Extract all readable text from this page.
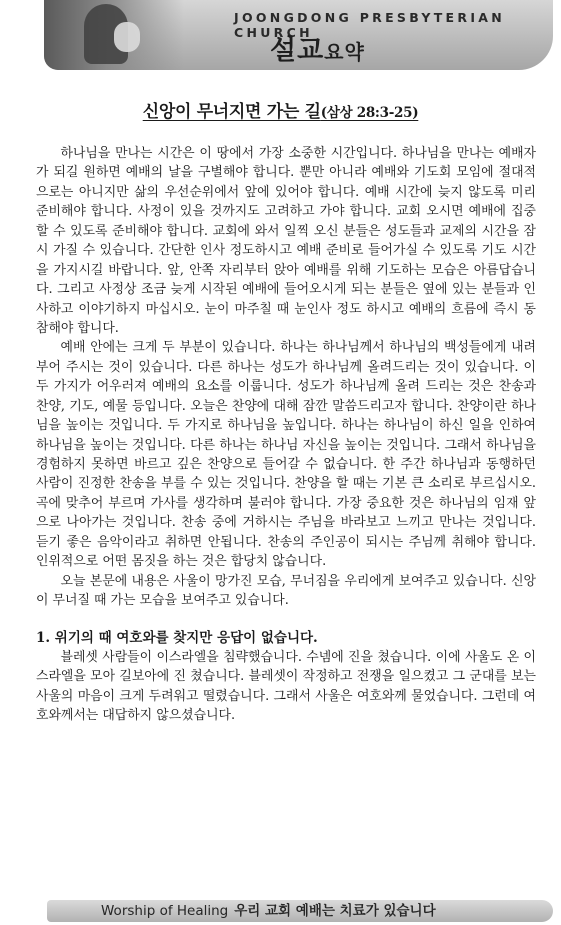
JOONGDONG PRESBYTERIAN CHURCH
설교요약
신앙이 무너지면 가는 길(삼상 28:3-25)

하나님을 만나는 시간은 이 땅에서 가장 소중한 시간입니다. 하나님을 만나는 예배자가 되길 원하면 예배의 날을 구별해야 합니다. 뿐만 아니라 예배와 기도회 모임에 절대적으로는 아니지만 삶의 우선순위에서 앞에 있어야 합니다. 예배 시간에 늦지 않도록 미리 준비해야 합니다. 사정이 있을 것까지도 고려하고 가야 합니다. 교회 오시면 예배에 집중할 수 있도록 준비해야 합니다. 교회에 와서 일찍 오신 분들은 성도들과 교제의 시간을 잠시 가질 수 있습니다. 간단한 인사 정도하시고 예배 준비로 들어가실 수 있도록 기도 시간을 가지시길 바랍니다. 앞, 안쪽 자리부터 앉아 예배를 위해 기도하는 모습은 아름답습니다. 그리고 사정상 조금 늦게 시작된 예배에 들어오시게 되는 분들은 옆에 있는 분들과 인사하고 이야기하지 마십시오. 눈이 마주칠 때 눈인사 정도 하시고 예배의 흐름에 즉시 동참해야 합니다.

예배 안에는 크게 두 부분이 있습니다. 하나는 하나님께서 하나님의 백성들에게 내려 부어 주시는 것이 있습니다. 다른 하나는 성도가 하나님께 올려드리는 것이 있습니다. 이 두 가지가 어우러져 예배의 요소를 이룹니다. 성도가 하나님께 올려 드리는 것은 찬송과 찬양, 기도, 예물 등입니다. 오늘은 찬양에 대해 잠깐 말씀드리고자 합니다. 찬양이란 하나님을 높이는 것입니다. 두 가지로 하나님을 높입니다. 하나는 하나님이 하신 일을 인하여 하나님을 높이는 것입니다. 다른 하나는 하나님 자신을 높이는 것입니다. 그래서 하나님을 경험하지 못하면 바르고 깊은 찬양으로 들어갈 수 없습니다. 한 주간 하나님과 동행하던 사람이 진정한 찬송을 부를 수 있는 것입니다. 찬양을 할 때는 기본 큰 소리로 부르십시오. 곡에 맞추어 부르며 가사를 생각하며 불러야 합니다. 가장 중요한 것은 하나님의 임재 앞으로 나아가는 것입니다. 찬송 중에 거하시는 주님을 바라보고 느끼고 만나는 것입니다. 듣기 좋은 음악이라고 취하면 안됩니다. 찬송의 주인공이 되시는 주님께 취해야 합니다. 인위적으로 어떤 몸짓을 하는 것은 합당치 않습니다.

오늘 본문에 내용은 사울이 망가진 모습, 무너짐을 우리에게 보여주고 있습니다. 신앙이 무너질 때 가는 모습을 보여주고 있습니다.

1. 위기의 때 여호와를 찾지만 응답이 없습니다.

블레셋 사람들이 이스라엘을 침략했습니다. 수넴에 진을 쳤습니다. 이에 사울도 온 이스라엘을 모아 길보아에 진 쳤습니다. 블레셋이 작정하고 전쟁을 일으켰고 그 군대를 보는 사울의 마음이 크게 두려워고 떨렸습니다. 그래서 사울은 여호와께 물었습니다. 그런데 여호와께서는 대답하지 않으셨습니다.

Worship of Healing 우리 교회 예배는 치료가 있습니다
